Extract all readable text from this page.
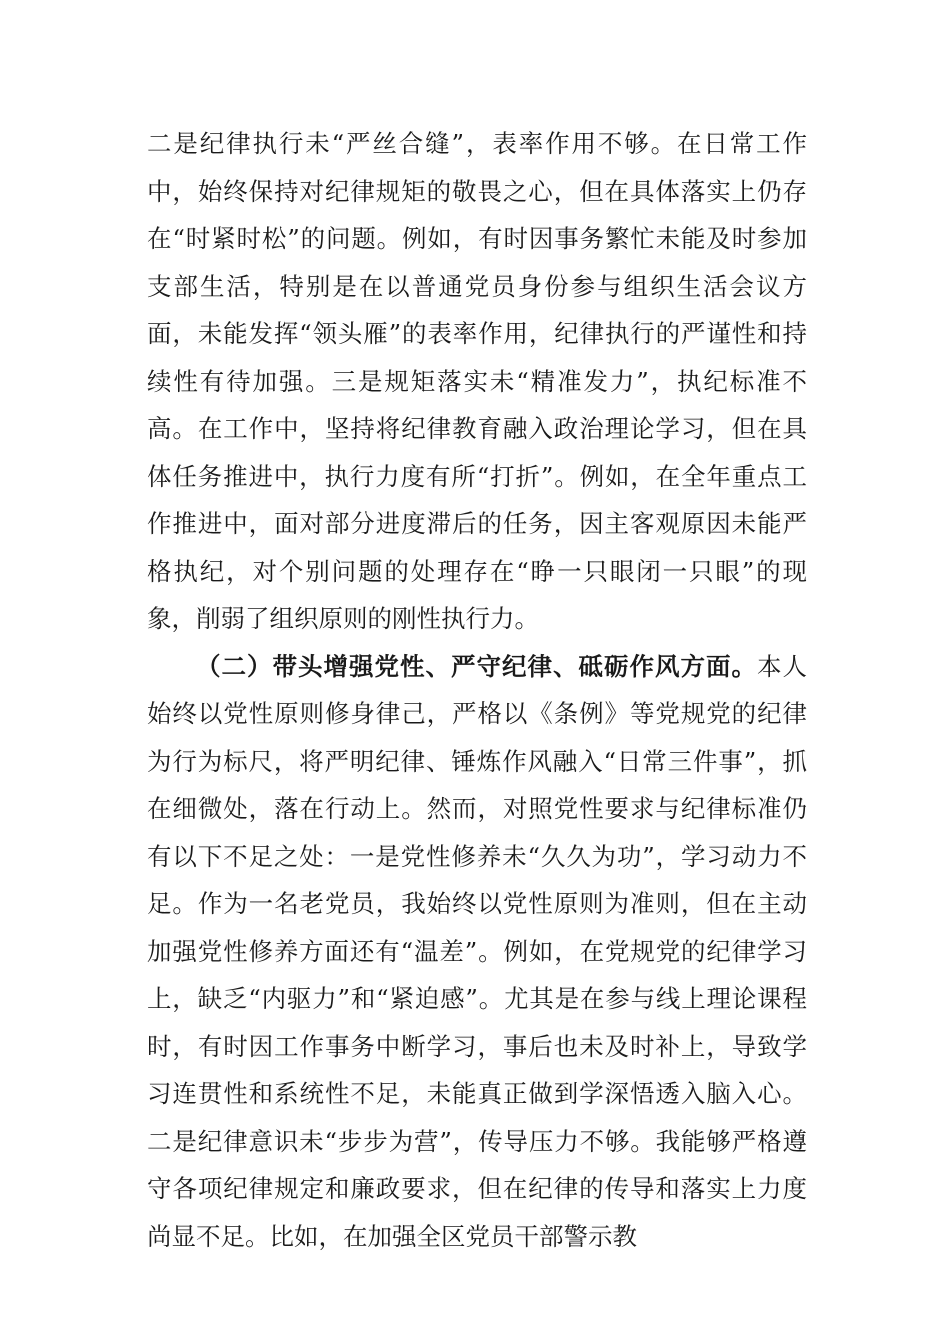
二是纪律执行未“严丝合缝”，表率作用不够。在日常工作中，始终保持对纪律规矩的敬畏之心，但在具体落实上仍存在“时紧时松”的问题。例如，有时因事务繁忙未能及时参加支部生活，特别是在以普通党员身份参与组织生活会议方面，未能发挥“领头雁”的表率作用，纪律执行的严谨性和持续性有待加强。三是规矩落实未“精准发力”，执纪标准不高。在工作中，坚持将纪律教育融入政治理论学习，但在具体任务推进中，执行力度有所“打折”。例如，在全年重点工作推进中，面对部分进度滞后的任务，因主客观原因未能严格执纪，对个别问题的处理存在“睁一只眼闭一只眼”的现象，削弱了组织原则的刚性执行力。

（二）带头增强党性、严守纪律、砥砺作风方面。本人始终以党性原则修身律己，严格以《条例》等党规党的纪律为行为标尺，将严明纪律、锤炼作风融入“日常三件事”，抓在细微处，落在行动上。然而，对照党性要求与纪律标准仍有以下不足之处：一是党性修养未“久久为功”，学习动力不足。作为一名老党员，我始终以党性原则为准则，但在主动加强党性修养方面还有“温差”。例如，在党规党的纪律学习上，缺乏“内驱力”和“紧迫感”。尤其是在参与线上理论课程时，有时因工作事务中断学习，事后也未及时补上，导致学习连贯性和系统性不足，未能真正做到学深悟透入脑入心。二是纪律意识未“步步为营”，传导压力不够。我能够严格遵守各项纪律规定和廉政要求，但在纪律的传导和落实上力度尚显不足。比如，在加强全区党员干部警示教
